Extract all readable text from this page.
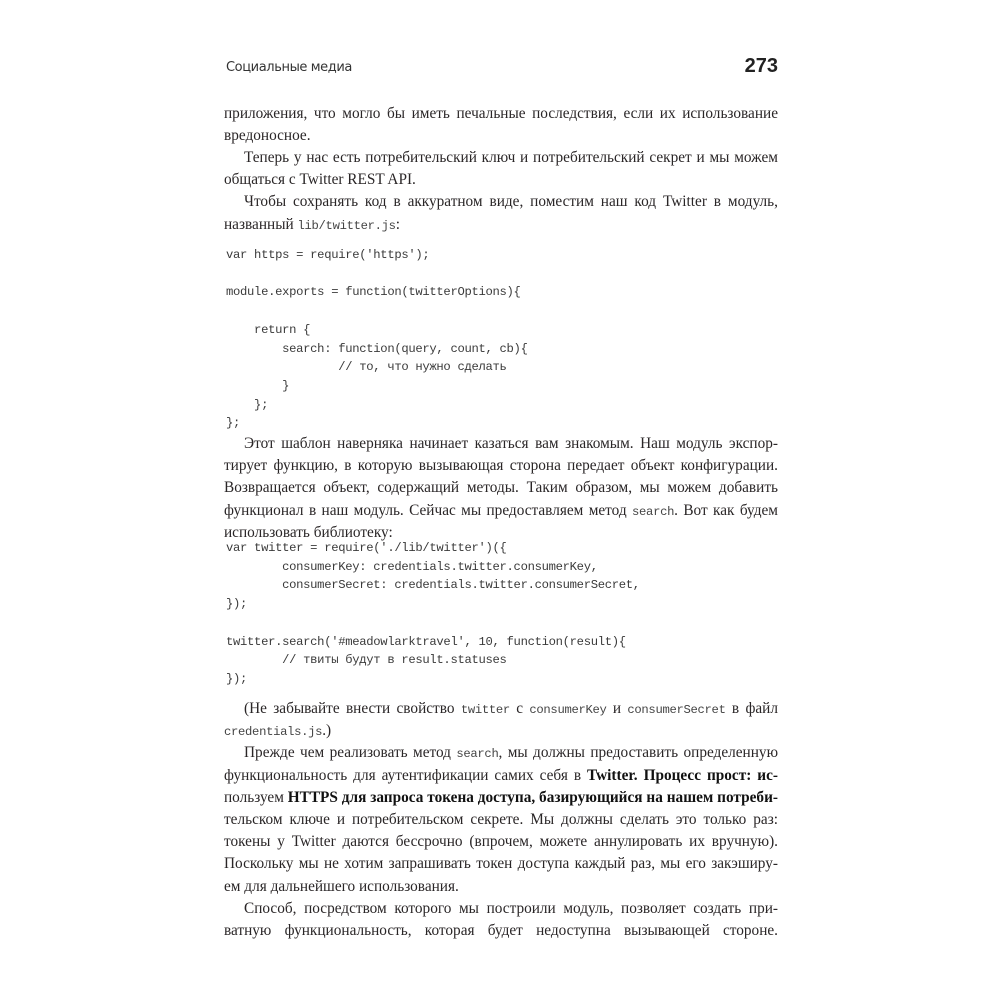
Социальные медиа	273
приложения, что могло бы иметь печальные последствия, если их использование
вредоносное.
Теперь у нас есть потребительский ключ и потребительский секрет и мы можем
общаться с Twitter REST API.
Чтобы сохранять код в аккуратном виде, поместим наш код Twitter в модуль,
названный lib/twitter.js:
var https = require('https');
module.exports = function(twitterOptions){
return {
search: function(query, count, cb){
// то, что нужно сделать
}
};
};
Этот шаблон наверняка начинает казаться вам знакомым. Наш модуль экспор-
тирует функцию, в которую вызывающая сторона передает объект конфигурации.
Возвращается объект, содержащий методы. Таким образом, мы можем добавить
функционал в наш модуль. Сейчас мы предоставляем метод search. Вот как будем
использовать библиотеку:
var twitter = require('./lib/twitter')({
consumerKey: credentials.twitter.consumerKey,
consumerSecret: credentials.twitter.consumerSecret,
});
twitter.search('#meadowlarktravel', 10, function(result){
// твиты будут в result.statuses
});
(Не забывайте внести свойство twitter с consumerKey и consumerSecret в файл
credentials.js.)
Прежде чем реализовать метод search, мы должны предоставить определенную
функциональность для аутентификации самих себя в Twitter. Процесс прост: ис-
пользуем HTTPS для запроса токена доступа, базирующийся на нашем потреби-
тельском ключе и потребительском секрете. Мы должны сделать это только раз:
токены у Twitter даются бессрочно (впрочем, можете аннулировать их вручную).
Поскольку мы не хотим запрашивать токен доступа каждый раз, мы его закэширу-
ем для дальнейшего использования.
Способ, посредством которого мы построили модуль, позволяет создать при-
ватную функциональность, которая будет недоступна вызывающей стороне.
